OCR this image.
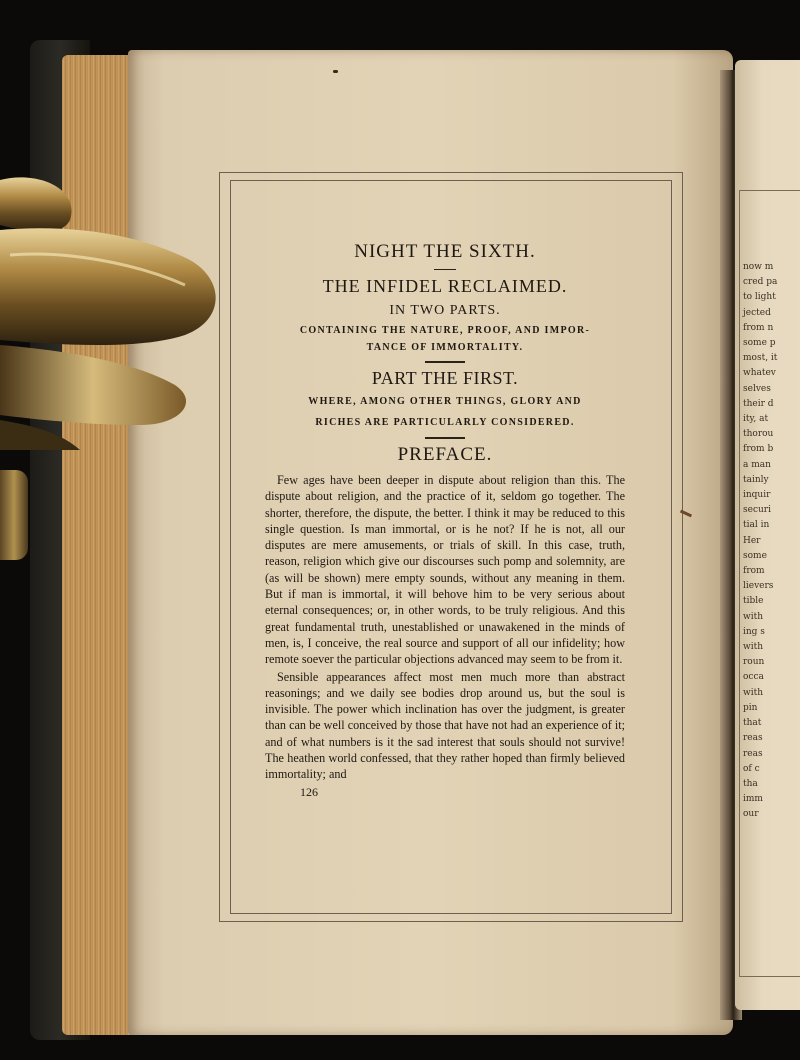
now m
cred pa
to light
jected
from n
some p
most, it
whatev
selves
their d
ity, at
thorou
from b
a man
tainly
inquir
securi
tial in
Her
some
from
lievers
tible
with
ing s
with
roun
occa
with
pin
that
reas
reas
of c
tha
imm
our
NIGHT THE SIXTH.
THE INFIDEL RECLAIMED.
IN TWO PARTS.
CONTAINING THE NATURE, PROOF, AND IMPOR-
TANCE OF IMMORTALITY.
PART THE FIRST.
WHERE, AMONG OTHER THINGS, GLORY AND
RICHES ARE PARTICULARLY CONSIDERED.
PREFACE.

Few ages have been deeper in dispute about religion than this. The dispute about religion, and the practice of it, seldom go together. The shorter, therefore, the dispute, the better. I think it may be reduced to this single question. Is man immortal, or is he not? If he is not, all our disputes are mere amusements, or trials of skill. In this case, truth, reason, religion which give our discourses such pomp and solemnity, are (as will be shown) mere empty sounds, without any meaning in them. But if man is immortal, it will behove him to be very serious about eternal consequences; or, in other words, to be truly religious. And this great fundamental truth, unestablished or unawakened in the minds of men, is, I conceive, the real source and support of all our infidelity; how remote soever the particular objections advanced may seem to be from it.

Sensible appearances affect most men much more than abstract reasonings; and we daily see bodies drop around us, but the soul is invisible. The power which inclination has over the judgment, is greater than can be well conceived by those that have not had an experience of it; and of what numbers is it the sad interest that souls should not survive! The heathen world confessed, that they rather hoped than firmly believed immortality; and

126
